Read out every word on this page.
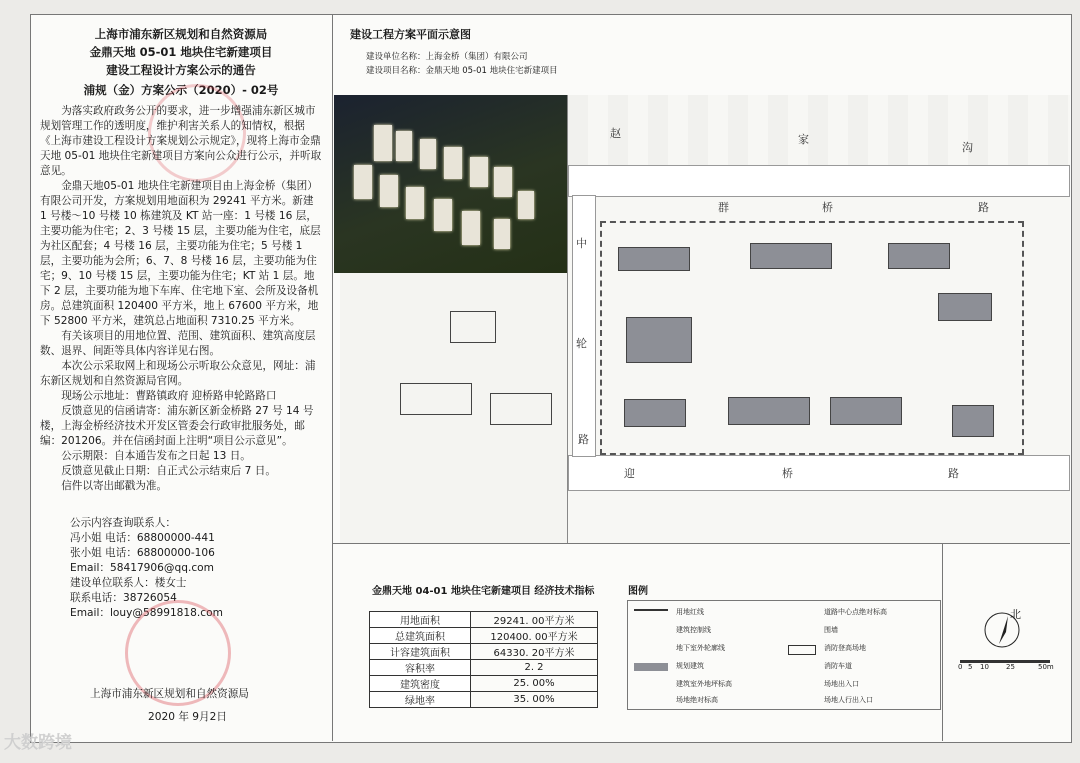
上海市浦东新区规划和自然资源局
金鼎天地 05-01 地块住宅新建项目
建设工程设计方案公示的通告
浦规（金）方案公示（2020）- 02号

为落实政府政务公开的要求，进一步增强浦东新区城市规划管理工作的透明度，维护利害关系人的知情权，根据《上海市建设工程设计方案规划公示规定》，现将上海市金鼎天地 05-01 地块住宅新建项目方案向公众进行公示，并听取意见。

金鼎天地05-01 地块住宅新建项目由上海金桥（集团）有限公司开发，方案规划用地面积为 29241 平方米。新建 1 号楼～10 号楼 10 栋建筑及 KT 站一座：1 号楼 16 层，主要功能为住宅；2、3 号楼 15 层，主要功能为住宅，底层为社区配套；4 号楼 16 层，主要功能为住宅；5 号楼 1 层，主要功能为会所；6、7、8 号楼 16 层，主要功能为住宅；9、10 号楼 15 层，主要功能为住宅；KT 站 1 层。地下 2 层，主要功能为地下车库、住宅地下室、会所及设备机房。总建筑面积 120400 平方米，地上 67600 平方米，地下 52800 平方米，建筑总占地面积 7310.25 平方米。

有关该项目的用地位置、范围、建筑面积、建筑高度层数、退界、间距等具体内容详见右图。

本次公示采取网上和现场公示听取公众意见，网址：浦东新区规划和自然资源局官网。

现场公示地址：曹路镇政府 迎桥路申轮路路口

反馈意见的信函请寄：浦东新区新金桥路 27 号 14 号楼，上海金桥经济技术开发区管委会行政审批服务处，邮编：201206。并在信函封面上注明“项目公示意见”。

公示期限：自本通告发布之日起 13 日。

反馈意见截止日期：自正式公示结束后 7 日。

信件以寄出邮戳为准。

公示内容查询联系人：
冯小姐 电话：68800000-441
张小姐 电话：68800000-106
Email：58417906@qq.com
建设单位联系人：楼女士
联系电话：38726054
Email：louy@58991818.com
上海市浦东新区规划和自然资源局
2020 年 9月2日
建设工程方案平面示意图
建设单位名称：上海金桥（集团）有限公司
建设项目名称：金鼎天地 05-01 地块住宅新建项目
赵	家
沟
群	桥	路
中
轮
路
迎	桥	路
金鼎天地 04-01 地块住宅新建项目 经济技术指标
用地面积	29241. 00平方米
总建筑面积	120400. 00平方米
计容建筑面积	64330. 20平方米
容积率	2. 2
建筑密度	25. 00%
绿地率	35. 00%
图例
用地红线
建筑控制线
地下室外轮廓线
规划建筑
建筑室外地坪标高
场地绝对标高
道路中心点绝对标高
围墙
消防登高场地
消防车道
场地出入口
场地人行出入口
北
0 5 10 25	50m
大数跨境
